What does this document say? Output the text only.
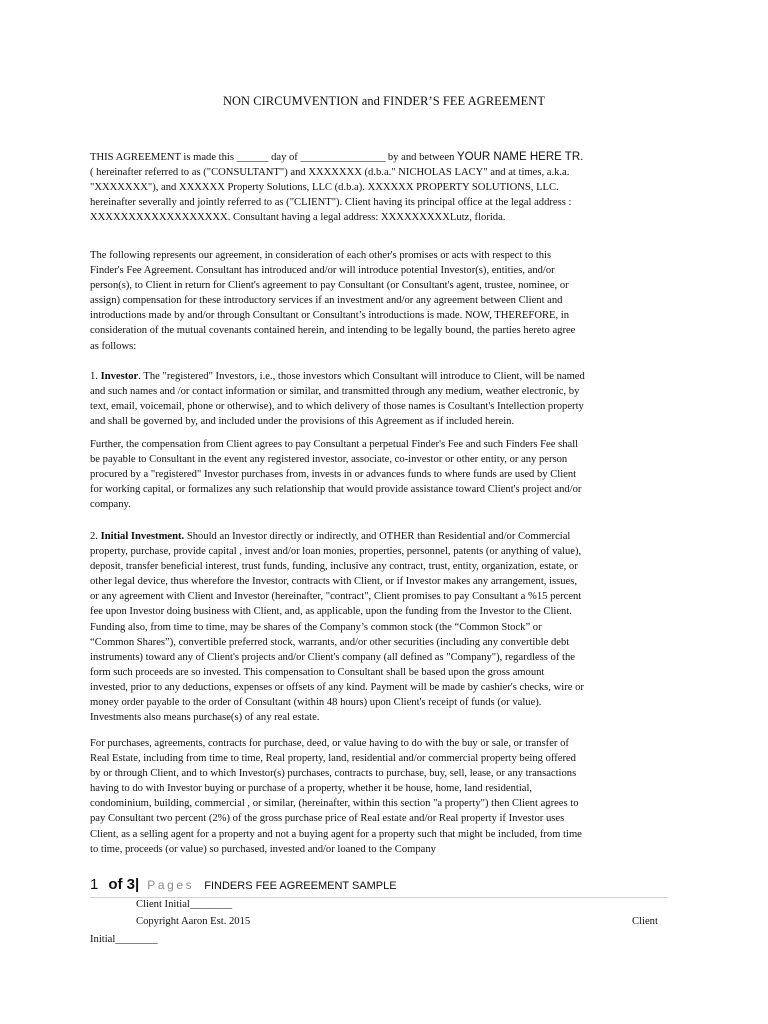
NON CIRCUMVENTION and FINDER’S FEE AGREEMENT
THIS AGREEMENT is made this ______ day of ________________ by and between YOUR NAME HERE TR.
( hereinafter referred to as ("CONSULTANT") and XXXXXXX (d.b.a." NICHOLAS LACY" and at times, a.k.a.
"XXXXXXX"), and XXXXXX Property Solutions, LLC (d.b.a). XXXXXX PROPERTY SOLUTIONS, LLC.
hereinafter severally and jointly referred to as ("CLIENT"). Client having its principal office at the legal address :
XXXXXXXXXXXXXXXXXX. Consultant having a legal address: XXXXXXXXXLutz, florida.
The following represents our agreement, in consideration of each other's promises or acts with respect to this
Finder's Fee Agreement. Consultant has introduced and/or will introduce potential Investor(s), entities, and/or
person(s), to Client in return for Client's agreement to pay Consultant (or Consultant's agent, trustee, nominee, or
assign) compensation for these introductory services if an investment and/or any agreement between Client and
introductions made by and/or through Consultant or Consultant’s introductions is made. NOW, THEREFORE, in
consideration of the mutual covenants contained herein, and intending to be legally bound, the parties hereto agree
as follows:
1. Investor. The "registered" Investors, i.e., those investors which Consultant will introduce to Client, will be named
and such names and /or contact information or similar, and transmitted through any medium, weather electronic, by
text, email, voicemail, phone or otherwise), and to which delivery of those names is Cosultant's Intellection property
and shall be governed by, and included under the provisions of this Agreement as if included herein.
Further, the compensation from Client agrees to pay Consultant a perpetual Finder's Fee and such Finders Fee shall
be payable to Consultant in the event any registered investor, associate, co-investor or other entity, or any person
procured by a "registered" Investor purchases from, invests in or advances funds to where funds are used by Client
for working capital, or formalizes any such relationship that would provide assistance toward Client's project and/or
company.
2. Initial Investment. Should an Investor directly or indirectly, and OTHER than Residential and/or Commercial
property, purchase, provide capital , invest and/or loan monies, properties, personnel, patents (or anything of value),
deposit, transfer beneficial interest, trust funds, funding, inclusive any contract, trust, entity, organization, estate, or
other legal device, thus wherefore the Investor, contracts with Client, or if Investor makes any arrangement, issues,
or any agreement with Client and Investor (hereinafter, "contract", Client promises to pay Consultant a %15 percent
fee upon Investor doing business with Client, and, as applicable, upon the funding from the Investor to the Client.
Funding also, from time to time, may be shares of the Company’s common stock (the “Common Stock” or
“Common Shares”), convertible preferred stock, warrants, and/or other securities (including any convertible debt
instruments) toward any of Client's projects and/or Client's company (all defined as "Company"), regardless of the
form such proceeds are so invested. This compensation to Consultant shall be based upon the gross amount
invested, prior to any deductions, expenses or offsets of any kind. Payment will be made by cashier's checks, wire or
money order payable to the order of Consultant (within 48 hours) upon Client's receipt of funds (or value).
Investments also means purchase(s) of any real estate.
For purchases, agreements, contracts for purchase, deed, or value having to do with the buy or sale, or transfer of
Real Estate, including from time to time, Real property, land, residential and/or commercial property being offered
by or through Client, and to which Investor(s) purchases, contracts to purchase, buy, sell, lease, or any transactions
having to do with Investor buying or purchase of a property, whether it be house, home, land residential,
condominium, building, commercial , or similar, (hereinafter, within this section "a property") then Client agrees to
pay Consultant two percent (2%) of the gross purchase price of Real estate and/or Real property if Investor uses
Client, as a selling agent for a property and not a buying agent for a property such that might be included, from time
to time, proceeds (or value) so purchased, invested and/or loaned to the Company
1 of 3| Pages FINDERS FEE AGREEMENT SAMPLE
Client Initial________
Copyright Aaron Est. 2015	Client
Initial________
